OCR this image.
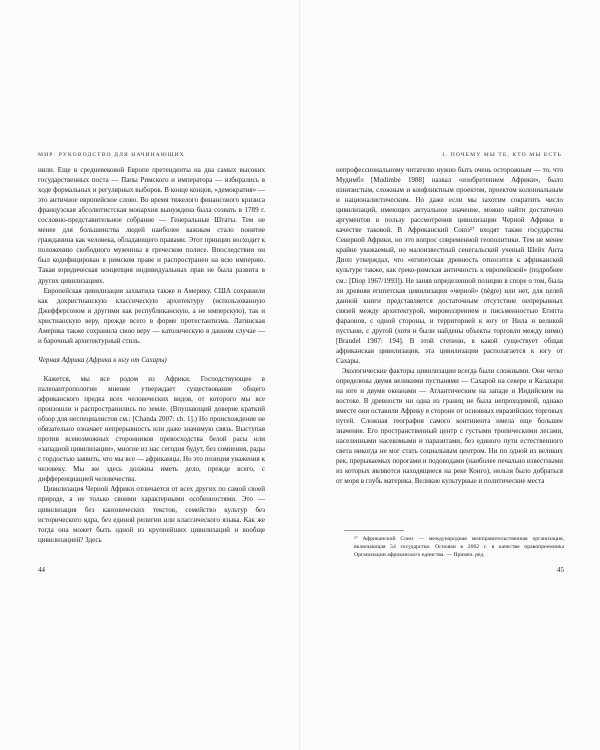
МИР: РУКОВОДСТВО ДЛЯ НАЧИНАЮЩИХ

нили. Еще в средневековой Европе претенденты на два самых высоких государственных поста — Папы Римского и императора — избирались в ходе формальных и регулярных выборов. В конце концов, «демократия» — это античное европейское слово. Во время тяжелого финансового кризиса французская абсолютистская монархия вынуждена была созвать в 1789 г. сословно-представительное собрание — Генеральные Штаты. Тем не менее для большинства людей наиболее важным стало понятие гражданина как человека, обладающего правами. Этот принцип восходит к положению свободного мужчины в греческом полисе. Впоследствии он был кодифицирован в римском праве и распространен на всю империю. Такая юридическая концепция индивидуальных прав не была развита в других цивилизациях.

Европейская цивилизация захватила также и Америку. США сохранили как дохристианскую классическую архитектуру (использованную Джефферсоном и другими как республиканскую, а не имперскую), так и христианскую веру, прежде всего в форме протестантизма. Латинская Америка также сохранила свою веру — католическую в данном случае — и барочный архитектурный стиль.

Черная Африка (Африка к югу от Сахары)

Кажется, мы все родом из Африки. Господствующее в палеоантропологии мнение утверждает существование общего африканского предка всех человеческих видов, от которого мы все произошли и распространились по земле. (Впушающий доверие краткий обзор для неспециалистов см.: [Chanda 2007: ch. 1].) Но происхождение не обязательно означает непрерывность или даже значимую связь. Выступая против всевозможных сторонников превосходства белой расы или «западной цивилизации», многие из нас сегодня будут, без сомнения, рады с гордостью заявить, что мы все — африканцы. Но это позиция уважения к человеку. Мы же здесь должны иметь дело, прежде всего, с дифференциацией человечества.

Цивилизация Черной Африки отличается от всех других по самой своей природе, а не только своими характерными особенностями. Это — цивилизация без канонических текстов, семейство культур без исторического ядра, без единой религии или классического языка. Как же тогда она может быть одной из крупнейших цивилизаций и вообще цивилизацией? Здесь

44
1. ПОЧЕМУ МЫ ТЕ, КТО МЫ ЕСТЬ

непрофессиональному читателю нужно быть очень осторожным — то, что Мудимбэ [Mudimbe 1988] назвал «изобретением Африки», было изнизистым, сложным и конфликтным проектом, проектом колониальным и националистическим. Но даже если мы захотим сократить число цивилизаций, имеющих актуальное значение, можно найти достаточно аргументов в пользу рассмотрения цивилизации Черной Африки в качестве таковой. В Африканский Союз²⁷ входят также государства Северной Африки, но это вопрос современной геополитики. Тем не менее крайне уважаемый, но малоизвестный сенегальский ученый Шейх Анта Диоп утверждал, что «египетская древность относится к африканской культуре также, как греко-римская античность к европейской» (подробнее см.: [Diop 1967/1993]). Не заняв определенной позиции в споре о том, была ли древняя египетская цивилизация «черной» (nègre) или нет, для целей данной книги представляется достаточным отсутствие непрерывных связей между архитектурой, мировоззрением и письменностью Египта фараонов, с одной стороны, и территорией к югу от Нила и великой пустыни, с другой (хотя и были найдены объекты торговли между ними) [Braudel 1987: 194]. В этой степени, в какой существует общая африканская цивилизация, эта цивилизация располагается к югу от Сахары.

Экологические факторы цивилизации всегда были сложными. Они четко определены двумя великими пустынями — Сахарой на севере и Калахари на юге и двумя океанами — Атлантическим на западе и Индийским на востоке. В древности ни одна из границ не была непроходимой, однако вместе они оставили Африку в стороне от основных евразийских торговых путей. Сложная география самого континента имела еще большее значение. Его пространственный центр с густыми тропическими лесами, населенными насекомыми и паразитами, без единого пути естественного света никогда не мог стать социальным центром. Ни по одной из великих рек, прерываемых порогами и подоводами (наиболее печально известными из которых являются находящиеся на реке Конго), нельзя было добраться от моря в глубь материка. Великие культурные и политические места

²⁷ Африканский Союз — международная межправительственная организация, включающая 54 государства. Основан в 2002 г. в качестве правопреемника Организации африканского единства. — Примеч. ред.
45
